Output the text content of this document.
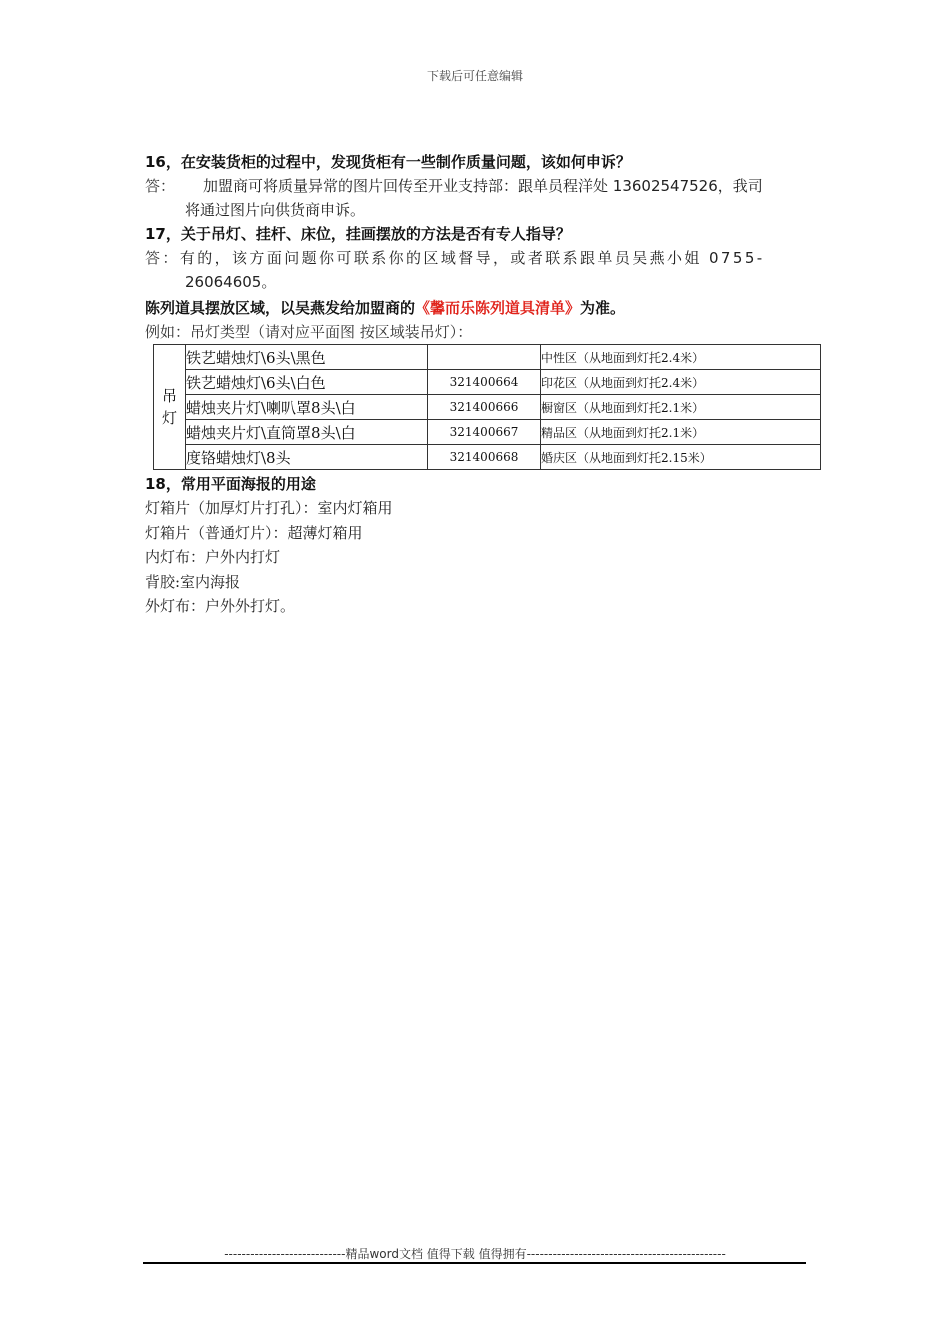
下载后可任意编辑

16，在安装货柜的过程中，发现货柜有一些制作质量问题，该如何申诉？

答： 加盟商可将质量异常的图片回传至开业支持部：跟单员程洋处 13602547526，我司
将通过图片向供货商申诉。

17，关于吊灯、挂杆、床位，挂画摆放的方法是否有专人指导？

答：有的，该方面问题你可联系你的区域督导，或者联系跟单员吴燕小姐 0755-
26064605。

陈列道具摆放区域，以吴燕发给加盟商的《馨而乐陈列道具清单》为准。

例如：吊灯类型（请对应平面图 按区域装吊灯）：

吊灯	铁艺蜡烛灯\6头\黑色		中性区（从地面到灯托2.4米）
	铁艺蜡烛灯\6头\白色	321400664	印花区（从地面到灯托2.4米）
	蜡烛夹片灯\喇叭罩8头\白	321400666	橱窗区（从地面到灯托2.1米）
	蜡烛夹片灯\直筒罩8头\白	321400667	精品区（从地面到灯托2.1米）
	度铬蜡烛灯\8头	321400668	婚庆区（从地面到灯托2.15米）

18，常用平面海报的用途

灯箱片（加厚灯片打孔）：室内灯箱用

灯箱片（普通灯片）：超薄灯箱用

内灯布：户外内打灯

背胶:室内海报

外灯布：户外外打灯。

----------------------------精品word文档 值得下载 值得拥有----------------------------------------------
